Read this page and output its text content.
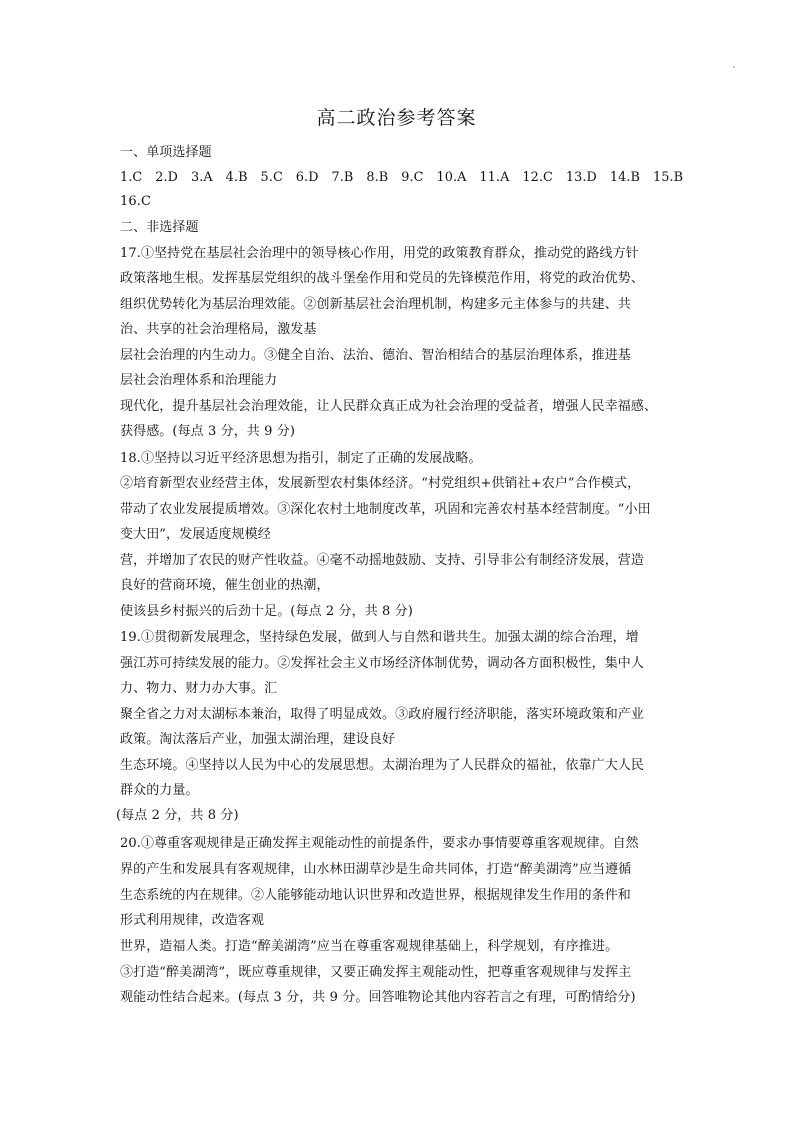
高二政治参考答案
一、单项选择题
1.C　2.D　3.A　4.B　5.C　6.D　7.B　8.B　9.C　10.A　11.A　12.C　13.D　14.B　15.B
16.C
二、非选择题
17.①坚持党在基层社会治理中的领导核心作用，用党的政策教育群众，推动党的路线方针
政策落地生根。发挥基层党组织的战斗堡垒作用和党员的先锋模范作用，将党的政治优势、
组织优势转化为基层治理效能。②创新基层社会治理机制，构建多元主体参与的共建、共
治、共享的社会治理格局，激发基
层社会治理的内生动力。③健全自治、法治、德治、智治相结合的基层治理体系，推进基
层社会治理体系和治理能力
现代化，提升基层社会治理效能，让人民群众真正成为社会治理的受益者，增强人民幸福感、
获得感。(每点 3 分，共 9 分)
18.①坚持以习近平经济思想为指引，制定了正确的发展战略。
②培育新型农业经营主体，发展新型农村集体经济。“村党组织+供销社+农户”合作模式，
带动了农业发展提质增效。③深化农村土地制度改革，巩固和完善农村基本经营制度。“小田
变大田”，发展适度规模经
营，并增加了农民的财产性收益。④毫不动摇地鼓励、支持、引导非公有制经济发展，营造
良好的营商环境，催生创业的热潮，
使该县乡村振兴的后劲十足。(每点 2 分，共 8 分)
19.①贯彻新发展理念，坚持绿色发展，做到人与自然和谐共生。加强太湖的综合治理，增
强江苏可持续发展的能力。②发挥社会主义市场经济体制优势，调动各方面积极性，集中人
力、物力、财力办大事。汇
聚全省之力对太湖标本兼治，取得了明显成效。③政府履行经济职能，落实环境政策和产业
政策。淘汰落后产业，加强太湖治理，建设良好
生态环境。④坚持以人民为中心的发展思想。太湖治理为了人民群众的福祉，依靠广大人民
群众的力量。
(每点 2 分，共 8 分)
20.①尊重客观规律是正确发挥主观能动性的前提条件，要求办事情要尊重客观规律。自然
界的产生和发展具有客观规律，山水林田湖草沙是生命共同体，打造“醉美湖湾”应当遵循
生态系统的内在规律。②人能够能动地认识世界和改造世界，根据规律发生作用的条件和
形式利用规律，改造客观
世界，造福人类。打造“醉美湖湾”应当在尊重客观规律基础上，科学规划，有序推进。
③打造“醉美湖湾”，既应尊重规律，又要正确发挥主观能动性，把尊重客观规律与发挥主
观能动性结合起来。(每点 3 分，共 9 分。回答唯物论其他内容若言之有理，可酌情给分)
